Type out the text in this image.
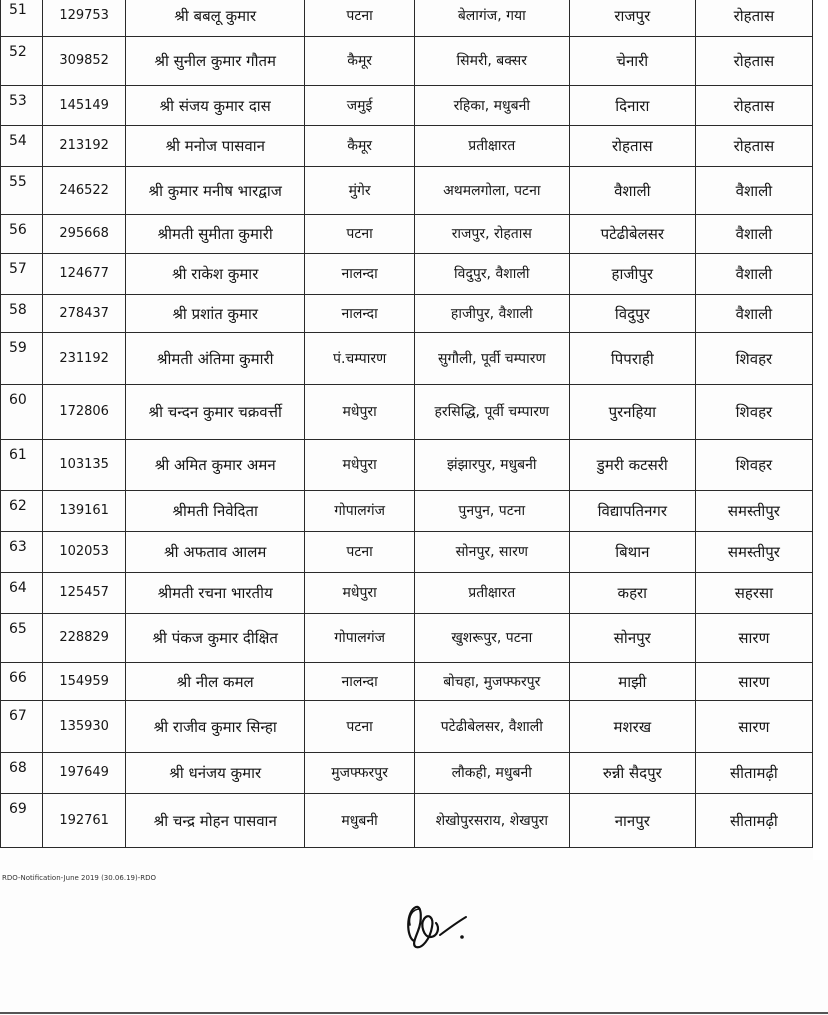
51	129753	श्री बबलू कुमार	पटना	बेलागंज, गया	राजपुर	रोहतास
52	309852	श्री सुनील कुमार गौतम	कैमूर	सिमरी, बक्सर	चेनारी	रोहतास
53	145149	श्री संजय कुमार दास	जमुई	रहिका, मधुबनी	दिनारा	रोहतास
54	213192	श्री मनोज पासवान	कैमूर	प्रतीक्षारत	रोहतास	रोहतास
55	246522	श्री कुमार मनीष भारद्वाज	मुंगेर	अथमलगोला, पटना	वैशाली	वैशाली
56	295668	श्रीमती सुमीता कुमारी	पटना	राजपुर, रोहतास	पटेढीबेलसर	वैशाली
57	124677	श्री राकेश कुमार	नालन्दा	विदुपुर, वैशाली	हाजीपुर	वैशाली
58	278437	श्री प्रशांत कुमार	नालन्दा	हाजीपुर, वैशाली	विदुपुर	वैशाली
59	231192	श्रीमती अंतिमा कुमारी	पं.चम्पारण	सुगौली, पूर्वी चम्पारण	पिपराही	शिवहर
60	172806	श्री चन्दन कुमार चक्रवर्त्ती	मधेपुरा	हरसिद्धि, पूर्वी चम्पारण	पुरनहिया	शिवहर
61	103135	श्री अमित कुमार अमन	मधेपुरा	झंझारपुर, मधुबनी	डुमरी कटसरी	शिवहर
62	139161	श्रीमती निवेदिता	गोपालगंज	पुनपुन, पटना	विद्यापतिनगर	समस्तीपुर
63	102053	श्री अफताव आलम	पटना	सोनपुर, सारण	बिथान	समस्तीपुर
64	125457	श्रीमती रचना भारतीय	मधेपुरा	प्रतीक्षारत	कहरा	सहरसा
65	228829	श्री पंकज कुमार दीक्षित	गोपालगंज	खुशरूपुर, पटना	सोनपुर	सारण
66	154959	श्री नील कमल	नालन्दा	बोचहा, मुजफ्फरपुर	माझी	सारण
67	135930	श्री राजीव कुमार सिन्हा	पटना	पटेढीबेलसर, वैशाली	मशरख	सारण
68	197649	श्री धनंजय कुमार	मुजफ्फरपुर	लौकही, मधुबनी	रुन्नी सैदपुर	सीतामढ़ी
69	192761	श्री चन्द्र मोहन पासवान	मधुबनी	शेखोपुरसराय, शेखपुरा	नानपुर	सीतामढ़ी
RDO-Notification-June 2019 (30.06.19)-RDO
